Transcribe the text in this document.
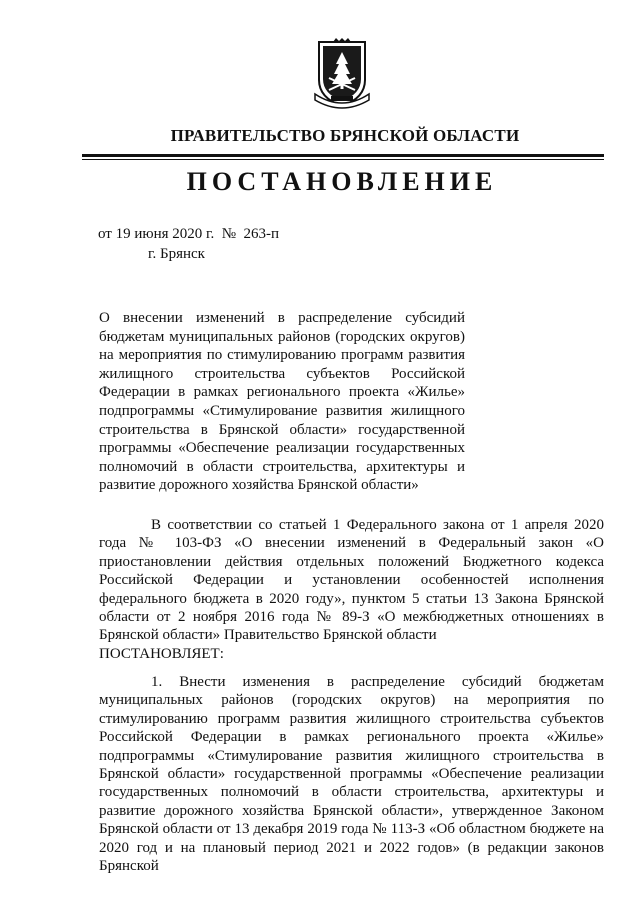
ПРАВИТЕЛЬСТВО БРЯНСКОЙ ОБЛАСТИ
ПОСТАНОВЛЕНИЕ
от 19 июня 2020 г.  №  263-п
г. Брянск
О внесении изменений в распределение субсидий бюджетам муниципальных районов (городских округов) на мероприятия по стимулированию программ развития жилищного строительства субъектов Российской Федерации в рамках регионального проекта «Жилье» подпрограммы «Стимулирование развития жилищного строительства в Брянской области» государственной программы «Обеспечение реализации государственных полномочий в области строительства, архитектуры и развитие дорожного хозяйства Брянской области»

В соответствии со статьей 1 Федерального закона от 1 апреля 2020 года № 103-ФЗ «О внесении изменений в Федеральный закон «О приостановлении действия отдельных положений Бюджетного кодекса Российской Федерации и установлении особенностей исполнения федерального бюджета в 2020 году», пунктом 5 статьи 13 Закона Брянской области от 2 ноября 2016 года № 89-З «О межбюджетных отношениях в Брянской области» Правительство Брянской области

ПОСТАНОВЛЯЕТ:

1. Внести изменения в распределение субсидий бюджетам муниципальных районов (городских округов) на мероприятия по стимулированию программ развития жилищного строительства субъектов Российской Федерации в рамках регионального проекта «Жилье» подпрограммы «Стимулирование развития жилищного строительства в Брянской области» государственной программы «Обеспечение реализации государственных полномочий в области строительства, архитектуры и развитие дорожного хозяйства Брянской области», утвержденное Законом Брянской области от 13 декабря 2019 года № 113-З «Об областном бюджете на 2020 год и на плановый период 2021 и 2022 годов» (в редакции законов Брянской
